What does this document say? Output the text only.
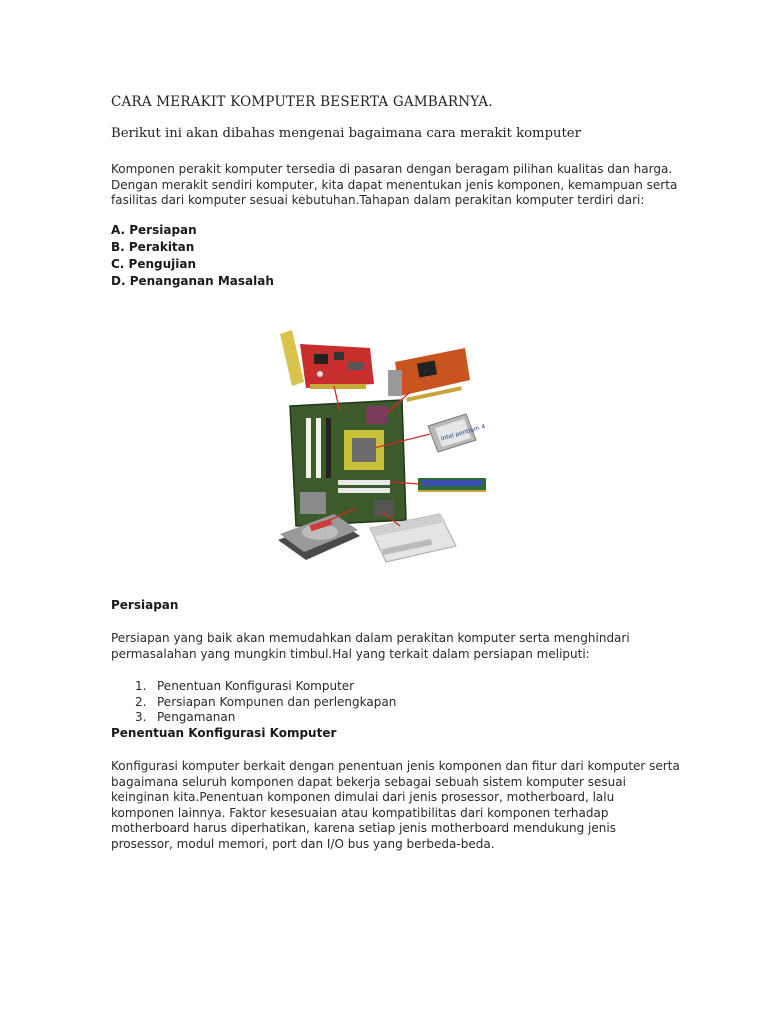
CARA MERAKIT KOMPUTER BESERTA GAMBARNYA.
Berikut ini akan dibahas mengenai bagaimana cara merakit komputer

Komponen perakit komputer tersedia di pasaran dengan beragam pilihan kualitas dan harga. Dengan merakit sendiri komputer, kita dapat menentukan jenis komponen, kemampuan serta fasilitas dari komputer sesuai kebutuhan.Tahapan dalam perakitan komputer terdiri dari:

A. Persiapan
B. Perakitan
C. Pengujian
D. Penanganan Masalah
intel pentium 4
Persiapan

Persiapan yang baik akan memudahkan dalam perakitan komputer serta menghindari permasalahan yang mungkin timbul.Hal yang terkait dalam persiapan meliputi:

1. Penentuan Konfigurasi Komputer
2. Persiapan Kompunen dan perlengkapan
3. Pengamanan
Penentuan Konfigurasi Komputer

Konfigurasi komputer berkait dengan penentuan jenis komponen dan fitur dari komputer serta bagaimana seluruh komponen dapat bekerja sebagai sebuah sistem komputer sesuai keinginan kita.Penentuan komponen dimulai dari jenis prosessor, motherboard, lalu komponen lainnya. Faktor kesesuaian atau kompatibilitas dari komponen terhadap motherboard harus diperhatikan, karena setiap jenis motherboard mendukung jenis prosessor, modul memori, port dan I/O bus yang berbeda-beda.
